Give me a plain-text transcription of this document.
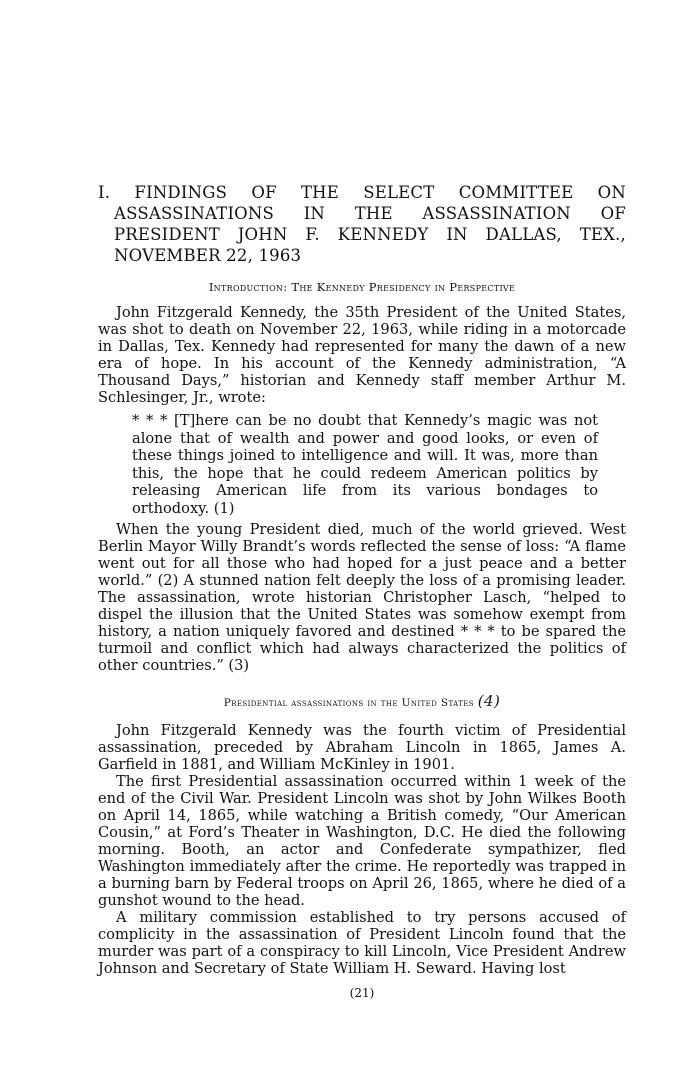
I. FINDINGS OF THE SELECT COMMITTEE ON ASSASSINATIONS IN THE ASSASSINATION OF PRESIDENT JOHN F. KENNEDY IN DALLAS, TEX., NOVEMBER 22, 1963
Introduction: The Kennedy Presidency in Perspective

John Fitzgerald Kennedy, the 35th President of the United States, was shot to death on November 22, 1963, while riding in a motorcade in Dallas, Tex. Kennedy had represented for many the dawn of a new era of hope. In his account of the Kennedy administration, “A Thousand Days,” historian and Kennedy staff member Arthur M. Schlesinger, Jr., wrote:

* * * [T]here can be no doubt that Kennedy’s magic was not alone that of wealth and power and good looks, or even of these things joined to intelligence and will. It was, more than this, the hope that he could redeem American politics by releasing American life from its various bondages to orthodoxy. (1)

When the young President died, much of the world grieved. West Berlin Mayor Willy Brandt’s words reflected the sense of loss: “A flame went out for all those who had hoped for a just peace and a better world.” (2) A stunned nation felt deeply the loss of a promising leader. The assassination, wrote historian Christopher Lasch, “helped to dispel the illusion that the United States was somehow exempt from history, a nation uniquely favored and destined * * * to be spared the turmoil and conflict which had always characterized the politics of other countries.” (3)

Presidential assassinations in the United States (4)

John Fitzgerald Kennedy was the fourth victim of Presidential assassination, preceded by Abraham Lincoln in 1865, James A. Garfield in 1881, and William McKinley in 1901.

The first Presidential assassination occurred within 1 week of the end of the Civil War. President Lincoln was shot by John Wilkes Booth on April 14, 1865, while watching a British comedy, “Our American Cousin,” at Ford’s Theater in Washington, D.C. He died the following morning. Booth, an actor and Confederate sympathizer, fled Washington immediately after the crime. He reportedly was trapped in a burning barn by Federal troops on April 26, 1865, where he died of a gunshot wound to the head.

A military commission established to try persons accused of complicity in the assassination of President Lincoln found that the murder was part of a conspiracy to kill Lincoln, Vice President Andrew Johnson and Secretary of State William H. Seward. Having lost

(21)
